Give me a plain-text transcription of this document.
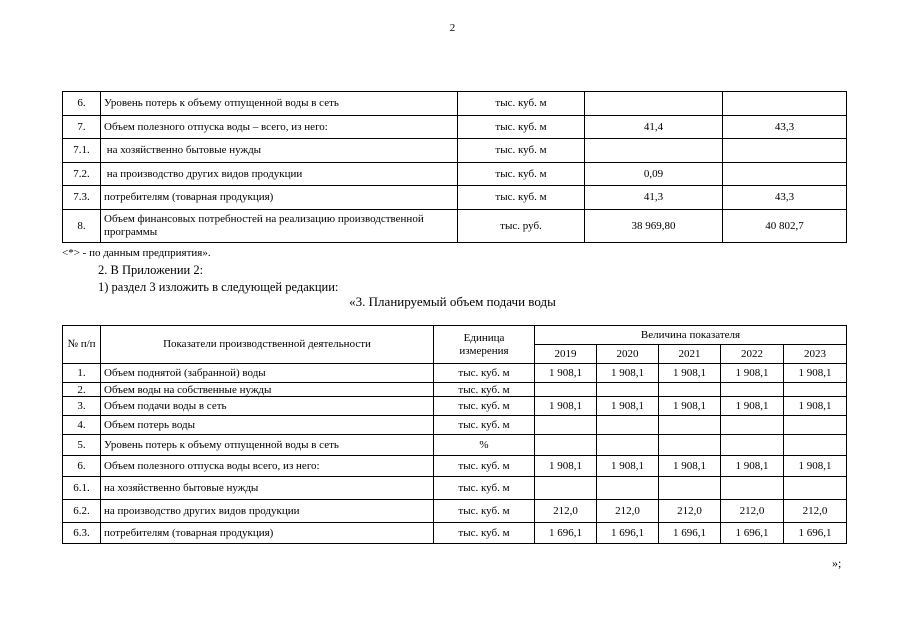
2
6.	Уровень потерь к объему отпущенной воды в сеть	тыс. куб. м		
7.	Объем полезного отпуска воды – всего, из него:	тыс. куб. м	41,4	43,3
7.1.	на хозяйственно бытовые нужды	тыс. куб. м		
7.2.	на производство других видов продукции	тыс. куб. м	0,09	
7.3.	потребителям (товарная продукция)	тыс. куб. м	41,3	43,3
8.	Объем финансовых потребностей на реализацию производственной программы	тыс. руб.	38 969,80	40 802,7
<*> - по данным предприятия».
2. В Приложении 2:
1) раздел 3 изложить в следующей редакции:
«3. Планируемый объем подачи воды
№ п/п	Показатели производственной деятельности	Единица измерения	Величина показателя				
			2019	2020	2021	2022	2023
1.	Объем поднятой (забранной) воды	тыс. куб. м	1 908,1	1 908,1	1 908,1	1 908,1	1 908,1
2.	Объем воды на собственные нужды	тыс. куб. м					
3.	Объем подачи воды в сеть	тыс. куб. м	1 908,1	1 908,1	1 908,1	1 908,1	1 908,1
4.	Объем потерь воды	тыс. куб. м					
5.	Уровень потерь к объему отпущенной воды в сеть	%					
6.	Объем полезного отпуска воды всего, из него:	тыс. куб. м	1 908,1	1 908,1	1 908,1	1 908,1	1 908,1
6.1.	на хозяйственно бытовые нужды	тыс. куб. м					
6.2.	на производство других видов продукции	тыс. куб. м	212,0	212,0	212,0	212,0	212,0
6.3.	потребителям (товарная продукция)	тыс. куб. м	1 696,1	1 696,1	1 696,1	1 696,1	1 696,1
»;
